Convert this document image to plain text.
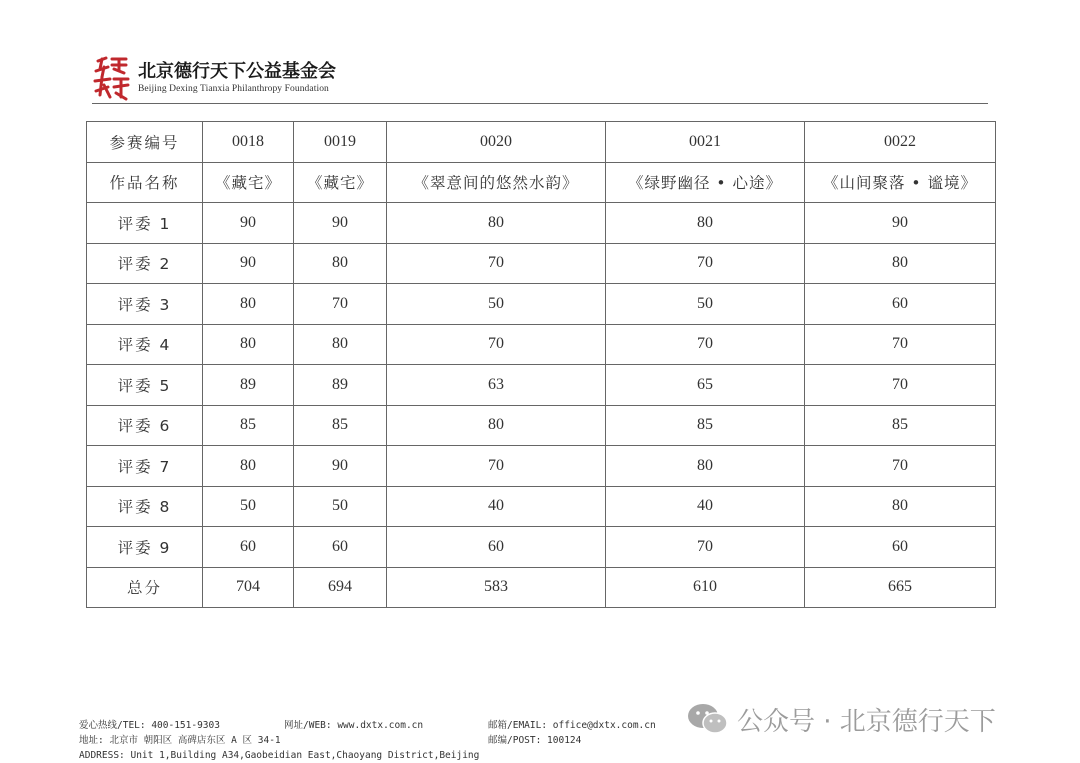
北京德行天下公益基金会
Beijing Dexing Tianxia Philanthropy Foundation
参赛编号	0018	0019	0020	0021	0022
作品名称	《藏宅》	《藏宅》	《翠意间的悠然水韵》	《绿野幽径 • 心途》	《山间聚落 • 谧境》
评委 1	90	90	80	80	90
评委 2	90	80	70	70	80
评委 3	80	70	50	50	60
评委 4	80	80	70	70	70
评委 5	89	89	63	65	70
评委 6	85	85	80	85	85
评委 7	80	90	70	80	70
评委 8	50	50	40	40	80
评委 9	60	60	60	70	60
总分	704	694	583	610	665
爱心热线/TEL: 400-151-9303	网址/WEB: www.dxtx.com.cn	邮箱/EMAIL: office@dxtx.com.cn
地址: 北京市 朝阳区 高碑店东区 A 区 34-1	邮编/POST: 100124
ADDRESS: Unit 1,Building A34,Gaobeidian East,Chaoyang District,Beijing
公众号 · 北京德行天下
